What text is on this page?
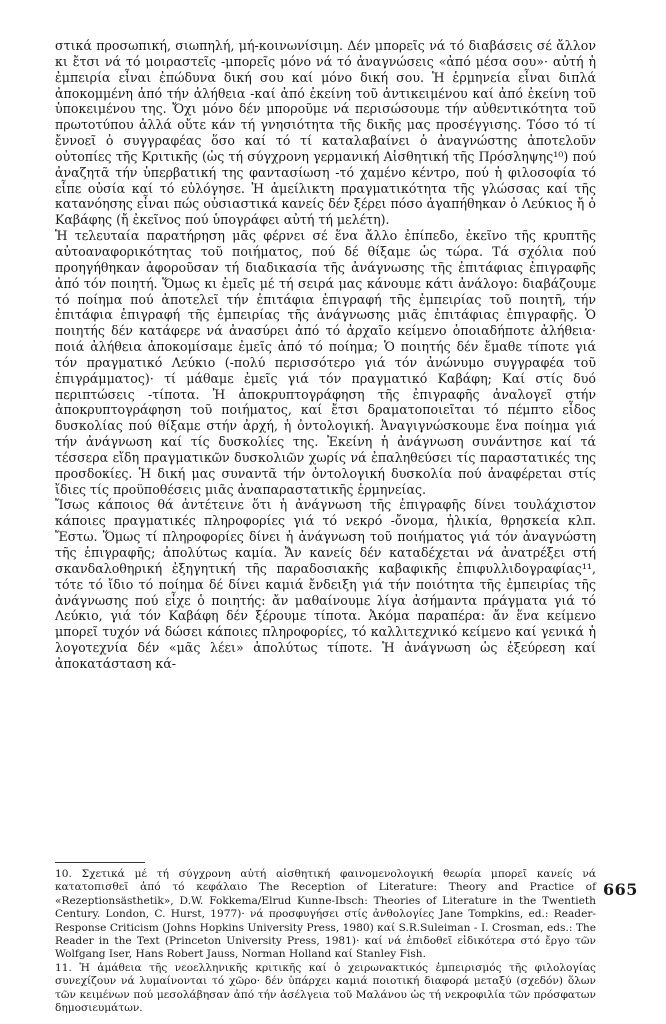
στικά προσωπική, σιωπηλή, μή-κοινωνίσιμη. Δέν μπορεῖς νά τό διαβάσεις σέ ἄλλον κι ἔτσι νά τό μοιραστεῖς -μπορεῖς μόνο νά τό ἀναγνώσεις «ἀπό μέσα σου»· αὐτή ἡ ἐμπειρία εἶναι ἐπώδυνα δική σου καί μόνο δική σου. Ἡ ἑρμηνεία εἶναι διπλά ἀποκομμένη ἀπό τήν ἀλήθεια -καί ἀπό ἐκείνη τοῦ ἀντικειμένου καί ἀπό ἐκείνη τοῦ ὑποκειμένου της. Ὄχι μόνο δέν μποροῦμε νά περισώσουμε τήν αὐθεντικότητα τοῦ πρωτοτύπου ἀλλά οὔτε κάν τή γνησιότητα τῆς δικῆς μας προσέγγισης. Τόσο τό τί ἔννοεῖ ὁ συγγραφέας ὅσο καί τό τί καταλαβαίνει ὁ ἀναγνώστης ἀποτελοῦν οὐτοπίες τῆς Κριτικῆς (ὡς τή σύγχρονη γερμανική Αἰσθητική τῆς Πρόσληψης¹⁰) πού ἀναζητᾶ τήν ὑπερβατική της φαντασίωση -τό χαμένο κέντρο, πού ἡ φιλοσοφία τό εἶπε οὐσία καί τό εὐλόγησε. Ἡ ἀμείλικτη πραγματικότητα τῆς γλώσσας καί τῆς κατανόησης εἶναι πώς οὐσιαστικά κανείς δέν ξέρει πόσο ἀγαπήθηκαν ὁ Λεύκιος ἤ ὁ Καβάφης (ἤ ἐκεῖνος πού ὑπογράφει αὐτή τή μελέτη).

Ἡ τελευταία παρατήρηση μᾶς φέρνει σέ ἕνα ἄλλο ἐπίπεδο, ἐκεῖνο τῆς κρυπτῆς αὐτοαναφορικότητας τοῦ ποιήματος, πού δέ θίξαμε ὡς τώρα. Τά σχόλια πού προηγήθηκαν ἀφοροῦσαν τή διαδικασία τῆς ἀνάγνωσης τῆς ἐπιτάφιας ἐπιγραφῆς ἀπό τόν ποιητή. Ὅμως κι ἐμεῖς μέ τή σειρά μας κάνουμε κάτι ἀνάλογο: διαβάζουμε τό ποίημα πού ἀποτελεῖ τήν ἐπιτάφια ἐπιγραφή τῆς ἐμπειρίας τοῦ ποιητῆ, τήν ἐπιτάφια ἐπιγραφή τῆς ἐμπειρίας τῆς ἀνάγνωσης μιᾶς ἐπιτάφιας ἐπιγραφῆς. Ὁ ποιητής δέν κατάφερε νά ἀνασύρει ἀπό τό ἀρχαῖο κείμενο ὁποιαδήποτε ἀλήθεια· ποιά ἀλήθεια ἀποκομίσαμε ἐμεῖς ἀπό τό ποίημα; Ὁ ποιητής δέν ἔμαθε τίποτε γιά τόν πραγματικό Λεύκιο (-πολύ περισσότερο γιά τόν ἀνώνυμο συγγραφέα τοῦ ἐπιγράμματος)· τί μάθαμε ἐμεῖς γιά τόν πραγματικό Καβάφη; Καί στίς δυό περιπτώσεις -τίποτα. Ἡ ἀποκρυπτογράφηση τῆς ἐπιγραφῆς ἀναλογεῖ στήν ἀποκρυπτογράφηση τοῦ ποιήματος, καί ἔτσι δραματοποιεῖται τό πέμπτο εἶδος δυσκολίας πού θίξαμε στήν ἀρχή, ἡ ὀντολογική. Ἀναγιγνώσκουμε ἕνα ποίημα γιά τήν ἀνάγνωση καί τίς δυσκολίες της. Ἐκείνη ἡ ἀνάγνωση συνάντησε καί τά τέσσερα εἴδη πραγματικῶν δυσκολιῶν χωρίς νά ἐπαληθεύσει τίς παραστατικές της προσδοκίες. Ἡ δική μας συναντᾶ τήν ὀντολογική δυσκολία πού ἀναφέρεται στίς ἴδιες τίς προϋποθέσεις μιᾶς ἀναπαραστατικῆς ἑρμηνείας.

Ἴσως κάποιος θά ἀντέτεινε ὅτι ἡ ἀνάγνωση τῆς ἐπιγραφῆς δίνει τουλάχιστον κάποιες πραγματικές πληροφορίες γιά τό νεκρό -ὄνομα, ἡλικία, θρησκεία κλπ. Ἔστω. Ὅμως τί πληροφορίες δίνει ἡ ἀνάγνωση τοῦ ποιήματος γιά τόν ἀναγνώστη τῆς ἐπιγραφῆς; ἀπολύτως καμία. Ἄν κανείς δέν καταδέχεται νά ἀνατρέξει στή σκανδαλοθηρική ἐξηγητική τῆς παραδοσιακῆς καβαφικῆς ἐπιφυλλιδογραφίας¹¹, τότε τό ἴδιο τό ποίημα δέ δίνει καμιά ἔνδειξη γιά τήν ποιότητα τῆς ἐμπειρίας τῆς ἀνάγνωσης πού εἶχε ὁ ποιητής: ἄν μαθαίνουμε λίγα ἀσήμαντα πράγματα γιά τό Λεύκιο, γιά τόν Καβάφη δέν ξέρουμε τίποτα. Ἀκόμα παραπέρα: ἄν ἕνα κείμενο μπορεῖ τυχόν νά δώσει κάποιες πληροφορίες, τό καλλιτεχνικό κείμενο καί γενικά ἡ λογοτεχνία δέν «μᾶς λέει» ἀπολύτως τίποτε. Ἡ ἀνάγνωση ὡς ἐξεύρεση καί ἀποκατάσταση κά-

10. Σχετικά μέ τή σύγχρονη αὐτή αἰσθητική φαινομενολογική θεωρία μπορεῖ κανείς νά κατατοπισθεῖ ἀπό τό κεφάλαιο The Reception of Literature: Theory and Practice of «Rezeptionsästhetik», D.W. Fokkema/Elrud Kunne-Ibsch: Theories of Literature in the Twentieth Century. London, C. Hurst, 1977)· νά προσφυγήσει στίς ἀνθολογίες Jane Tompkins, ed.: Reader-Response Criticism (Johns Hopkins University Press, 1980) καί S.R.Suleiman - I. Crosman, eds.: The Reader in the Text (Princeton University Press, 1981)· καί νά ἐπιδοθεῖ εἰδικότερα στό ἔργο τῶν Wolfgang Iser, Hans Robert Jauss, Norman Holland καί Stanley Fish.

11. Ἡ ἀμάθεια τῆς νεοελληνικῆς κριτικῆς καί ὁ χειρωνακτικός ἐμπειρισμός τῆς φιλολογίας συνεχίζουν νά λυμαίνονται τό χῶρο· δέν ὑπάρχει καμιά ποιοτική διαφορά μεταξύ (σχεδόν) ὅλων τῶν κειμένων πού μεσολάβησαν ἀπό τήν ἀσέλγεια τοῦ Μαλάνου ὡς τή νεκροφιλία τῶν πρόσφατων δημοσιευμάτων.

665
